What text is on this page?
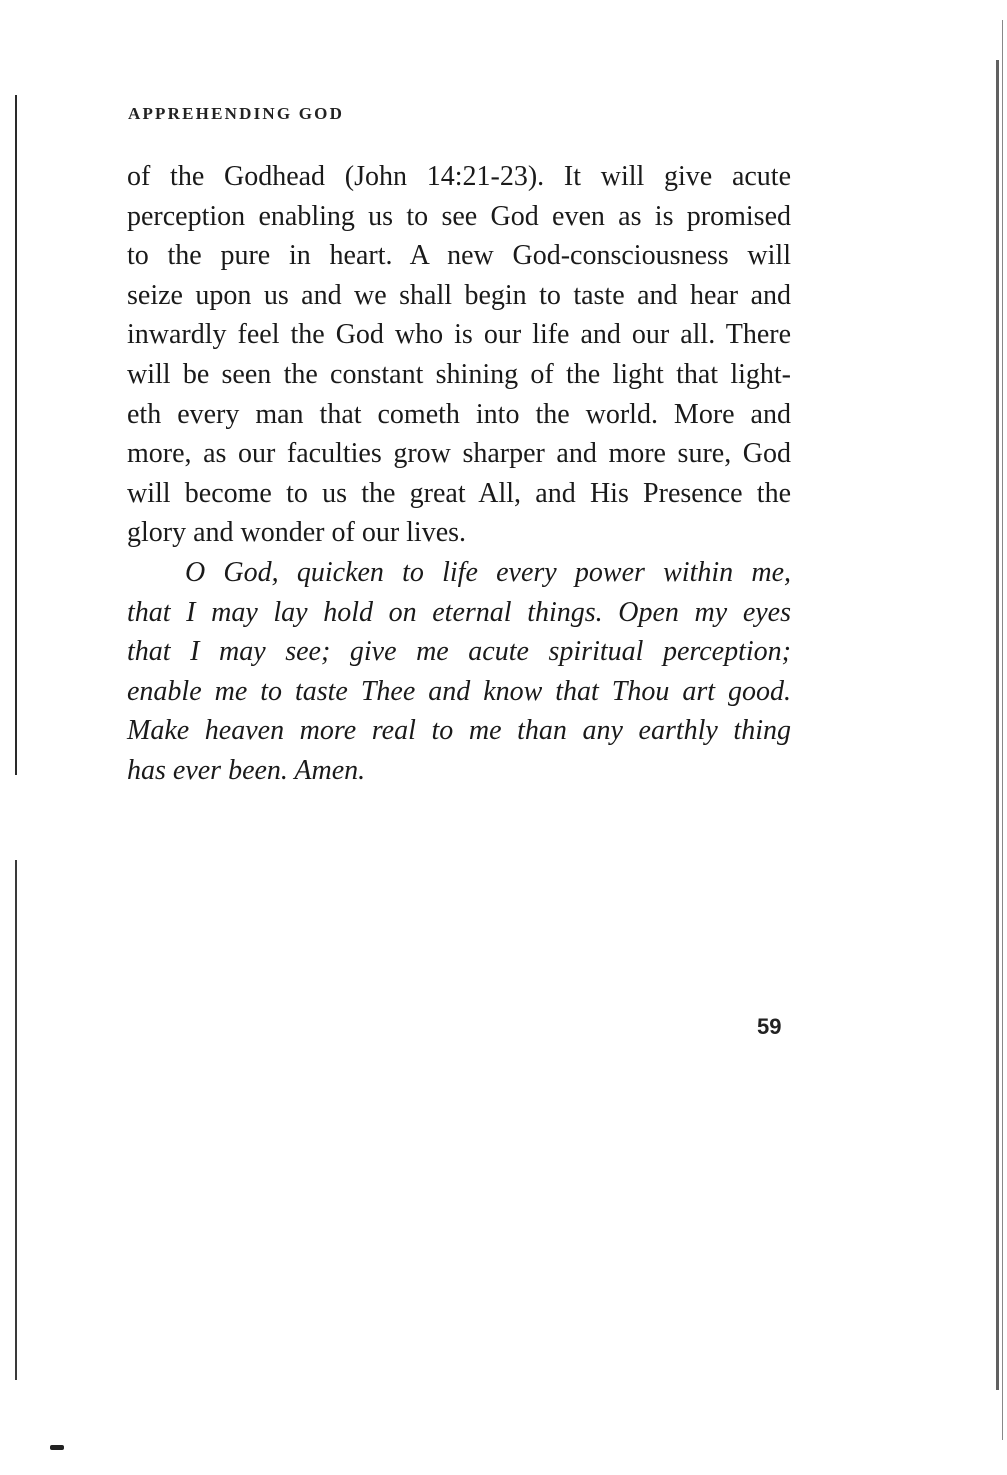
APPREHENDING GOD
of the Godhead (John 14:21-23). It will give acute
perception enabling us to see God even as is promised
to the pure in heart. A new God-consciousness will
seize upon us and we shall begin to taste and hear and
inwardly feel the God who is our life and our all. There
will be seen the constant shining of the light that light-
eth every man that cometh into the world. More and
more, as our faculties grow sharper and more sure, God
will become to us the great All, and His Presence the
glory and wonder of our lives.
O God, quicken to life every power within me,
that I may lay hold on eternal things. Open my eyes
that I may see; give me acute spiritual perception;
enable me to taste Thee and know that Thou art good.
Make heaven more real to me than any earthly thing
has ever been. Amen.
59
